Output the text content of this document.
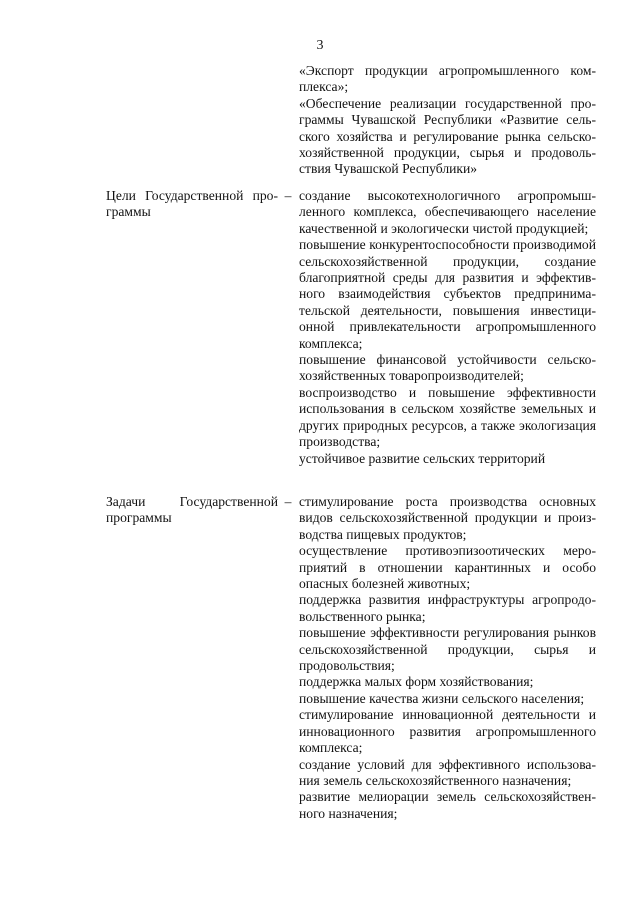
3

«Экспорт продукции агропромышленного комплекса»;

«Обеспечение реализации государственной программы Чувашской Республики «Развитие сельского хозяйства и регулирование рынка сельскохозяйственной продукции, сырья и продовольствия Чувашской Республики»

Цели Государственной про-

граммы
– создание высокотехнологичного агропромышленного комплекса, обеспечивающего население качественной и экологически чистой продукцией;

повышение конкурентоспособности производимой сельскохозяйственной продукции, создание благоприятной среды для развития и эффективного взаимодействия субъектов предпринимательской деятельности, повышения инвестиционной привлекательности агропромышленного комплекса;

повышение финансовой устойчивости сельскохозяйственных товаропроизводителей;

воспроизводство и повышение эффективности использования в сельском хозяйстве земельных и других природных ресурсов, а также экологизация производства;

устойчивое развитие сельских территорий

Задачи Государственной

программы
– стимулирование роста производства основных видов сельскохозяйственной продукции и производства пищевых продуктов;

осуществление противоэпизоотических мероприятий в отношении карантинных и особо опасных болезней животных;

поддержка развития инфраструктуры агропродовольственного рынка;

повышение эффективности регулирования рынков сельскохозяйственной продукции, сырья и продовольствия;

поддержка малых форм хозяйствования;

повышение качества жизни сельского населения;

стимулирование инновационной деятельности и инновационного развития агропромышленного комплекса;

создание условий для эффективного использования земель сельскохозяйственного назначения;

развитие мелиорации земель сельскохозяйственного назначения;
